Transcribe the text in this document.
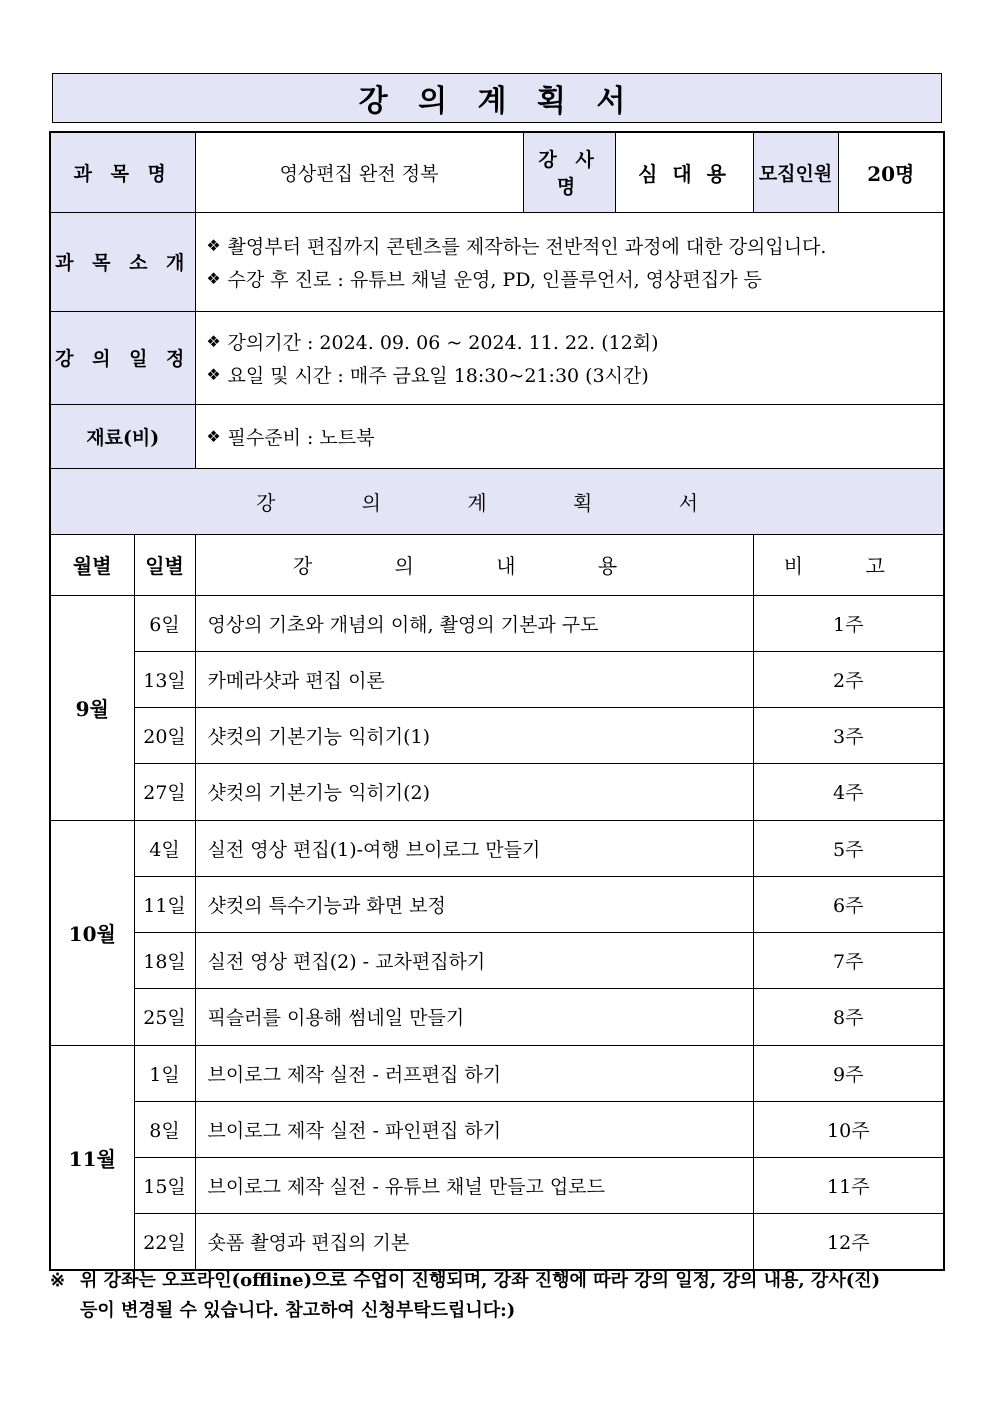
강 의 계 획 서
과 목 명		영상편집 완전 정복	강 사 명	심 대 용	모집인원	20명
과 목 소 개		❖ 촬영부터 편집까지 콘텐츠를 제작하는 전반적인 과정에 대한 강의입니다.
❖ 수강 후 진로 : 유튜브 채널 운영, PD, 인플루언서, 영상편집가 등				

강 의 일 정		❖ 강의기간 : 2024. 09. 06 ~ 2024. 11. 22. (12회)
❖ 요일 및 시간 : 매주 금요일 18:30~21:30 (3시간)				

재료(비)		❖ 필수준비 : 노트북				

강 의 계 획 서						
월별	일별	강 의 내 용			비 고	
9월	6일	영상의 기초와 개념의 이해, 촬영의 기본과 구도			1주	
	13일	카메라샷과 편집 이론			2주	
	20일	샷컷의 기본기능 익히기(1)			3주	
	27일	샷컷의 기본기능 익히기(2)			4주	
10월	4일	실전 영상 편집(1)-여행 브이로그 만들기			5주	
	11일	샷컷의 특수기능과 화면 보정			6주	
	18일	실전 영상 편집(2) - 교차편집하기			7주	
	25일	픽슬러를 이용해 썸네일 만들기			8주	
11월	1일	브이로그 제작 실전 - 러프편집 하기			9주	
	8일	브이로그 제작 실전 - 파인편집 하기			10주	
	15일	브이로그 제작 실전 - 유튜브 채널 만들고 업로드			11주	
	22일	숏폼 촬영과 편집의 기본			12주	
※ 위 강좌는 오프라인(offline)으로 수업이 진행되며, 강좌 진행에 따라 강의 일정, 강의 내용, 강사(진)
등이 변경될 수 있습니다. 참고하여 신청부탁드립니다:)
